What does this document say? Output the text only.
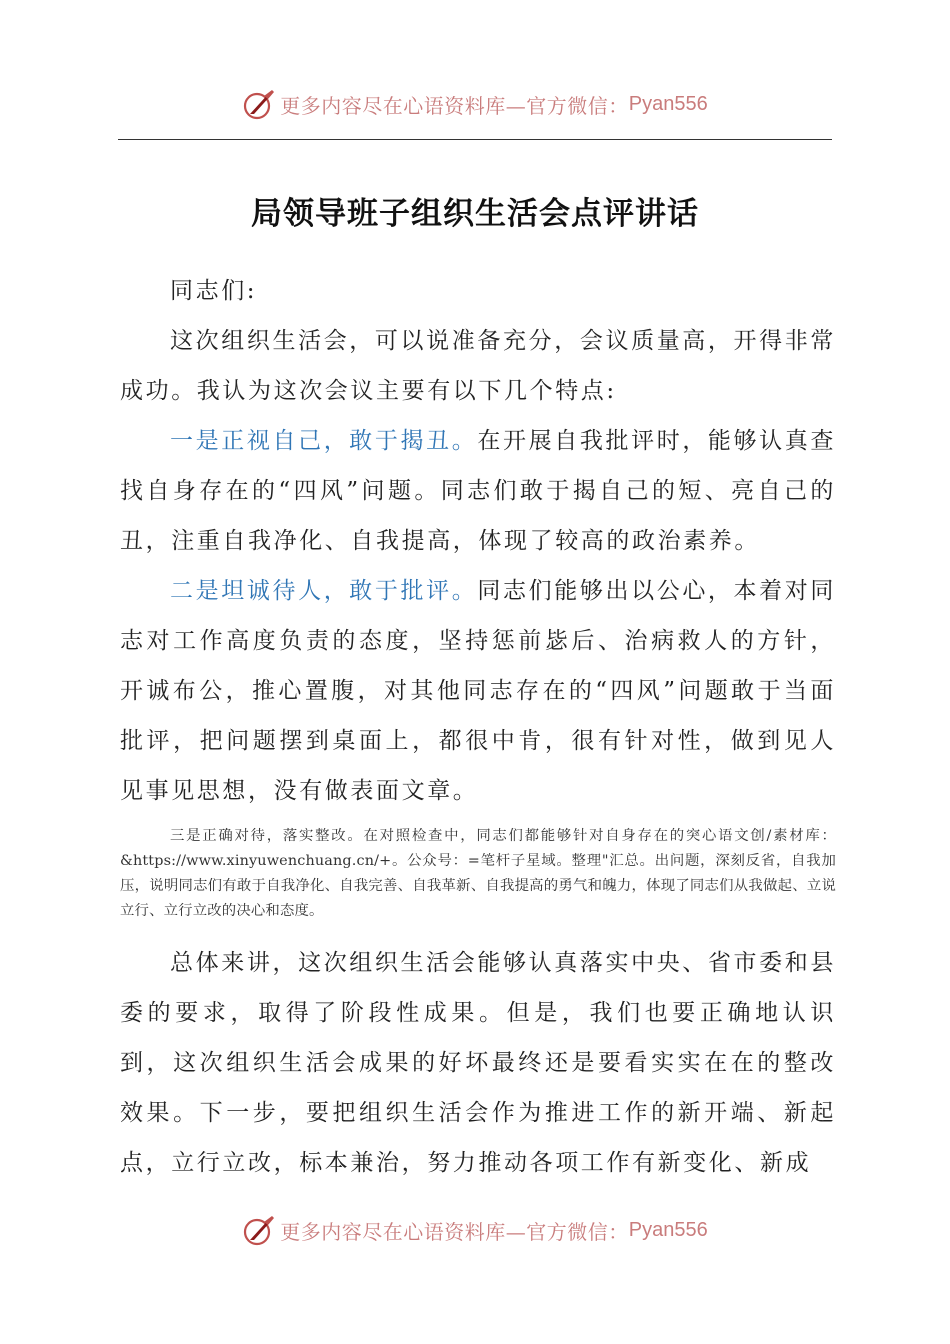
更多内容尽在心语资料库—官方微信： Pyan556
局领导班子组织生活会点评讲话

同志们:

这次组织生活会，可以说准备充分，会议质量高，开得非常成功。我认为这次会议主要有以下几个特点:

一是正视自己，敢于揭丑。在开展自我批评时，能够认真查找自身存在的“四风”问题。同志们敢于揭自己的短、亮自己的丑，注重自我净化、自我提高，体现了较高的政治素养。

二是坦诚待人，敢于批评。同志们能够出以公心，本着对同志对工作高度负责的态度，坚持惩前毖后、治病救人的方针，开诚布公，推心置腹，对其他同志存在的“四风”问题敢于当面批评，把问题摆到桌面上，都很中肯，很有针对性，做到见人见事见思想，没有做表面文章。

三是正确对待，落实整改。在对照检查中，同志们都能够针对自身存在的突心语文创/素材库：&https://www.xinyuwenchuang.cn/+。公众号：=笔杆子星域。整理"汇总。出问题，深刻反省，自我加压，说明同志们有敢于自我净化、自我完善、自我革新、自我提高的勇气和魄力，体现了同志们从我做起、立说立行、立行立改的决心和态度。

总体来讲，这次组织生活会能够认真落实中央、省市委和县委的要求，取得了阶段性成果。但是，我们也要正确地认识到，这次组织生活会成果的好坏最终还是要看实实在在的整改效果。下一步，要把组织生活会作为推进工作的新开端、新起点，立行立改，标本兼治，努力推动各项工作有新变化、新成

更多内容尽在心语资料库—官方微信： Pyan556
